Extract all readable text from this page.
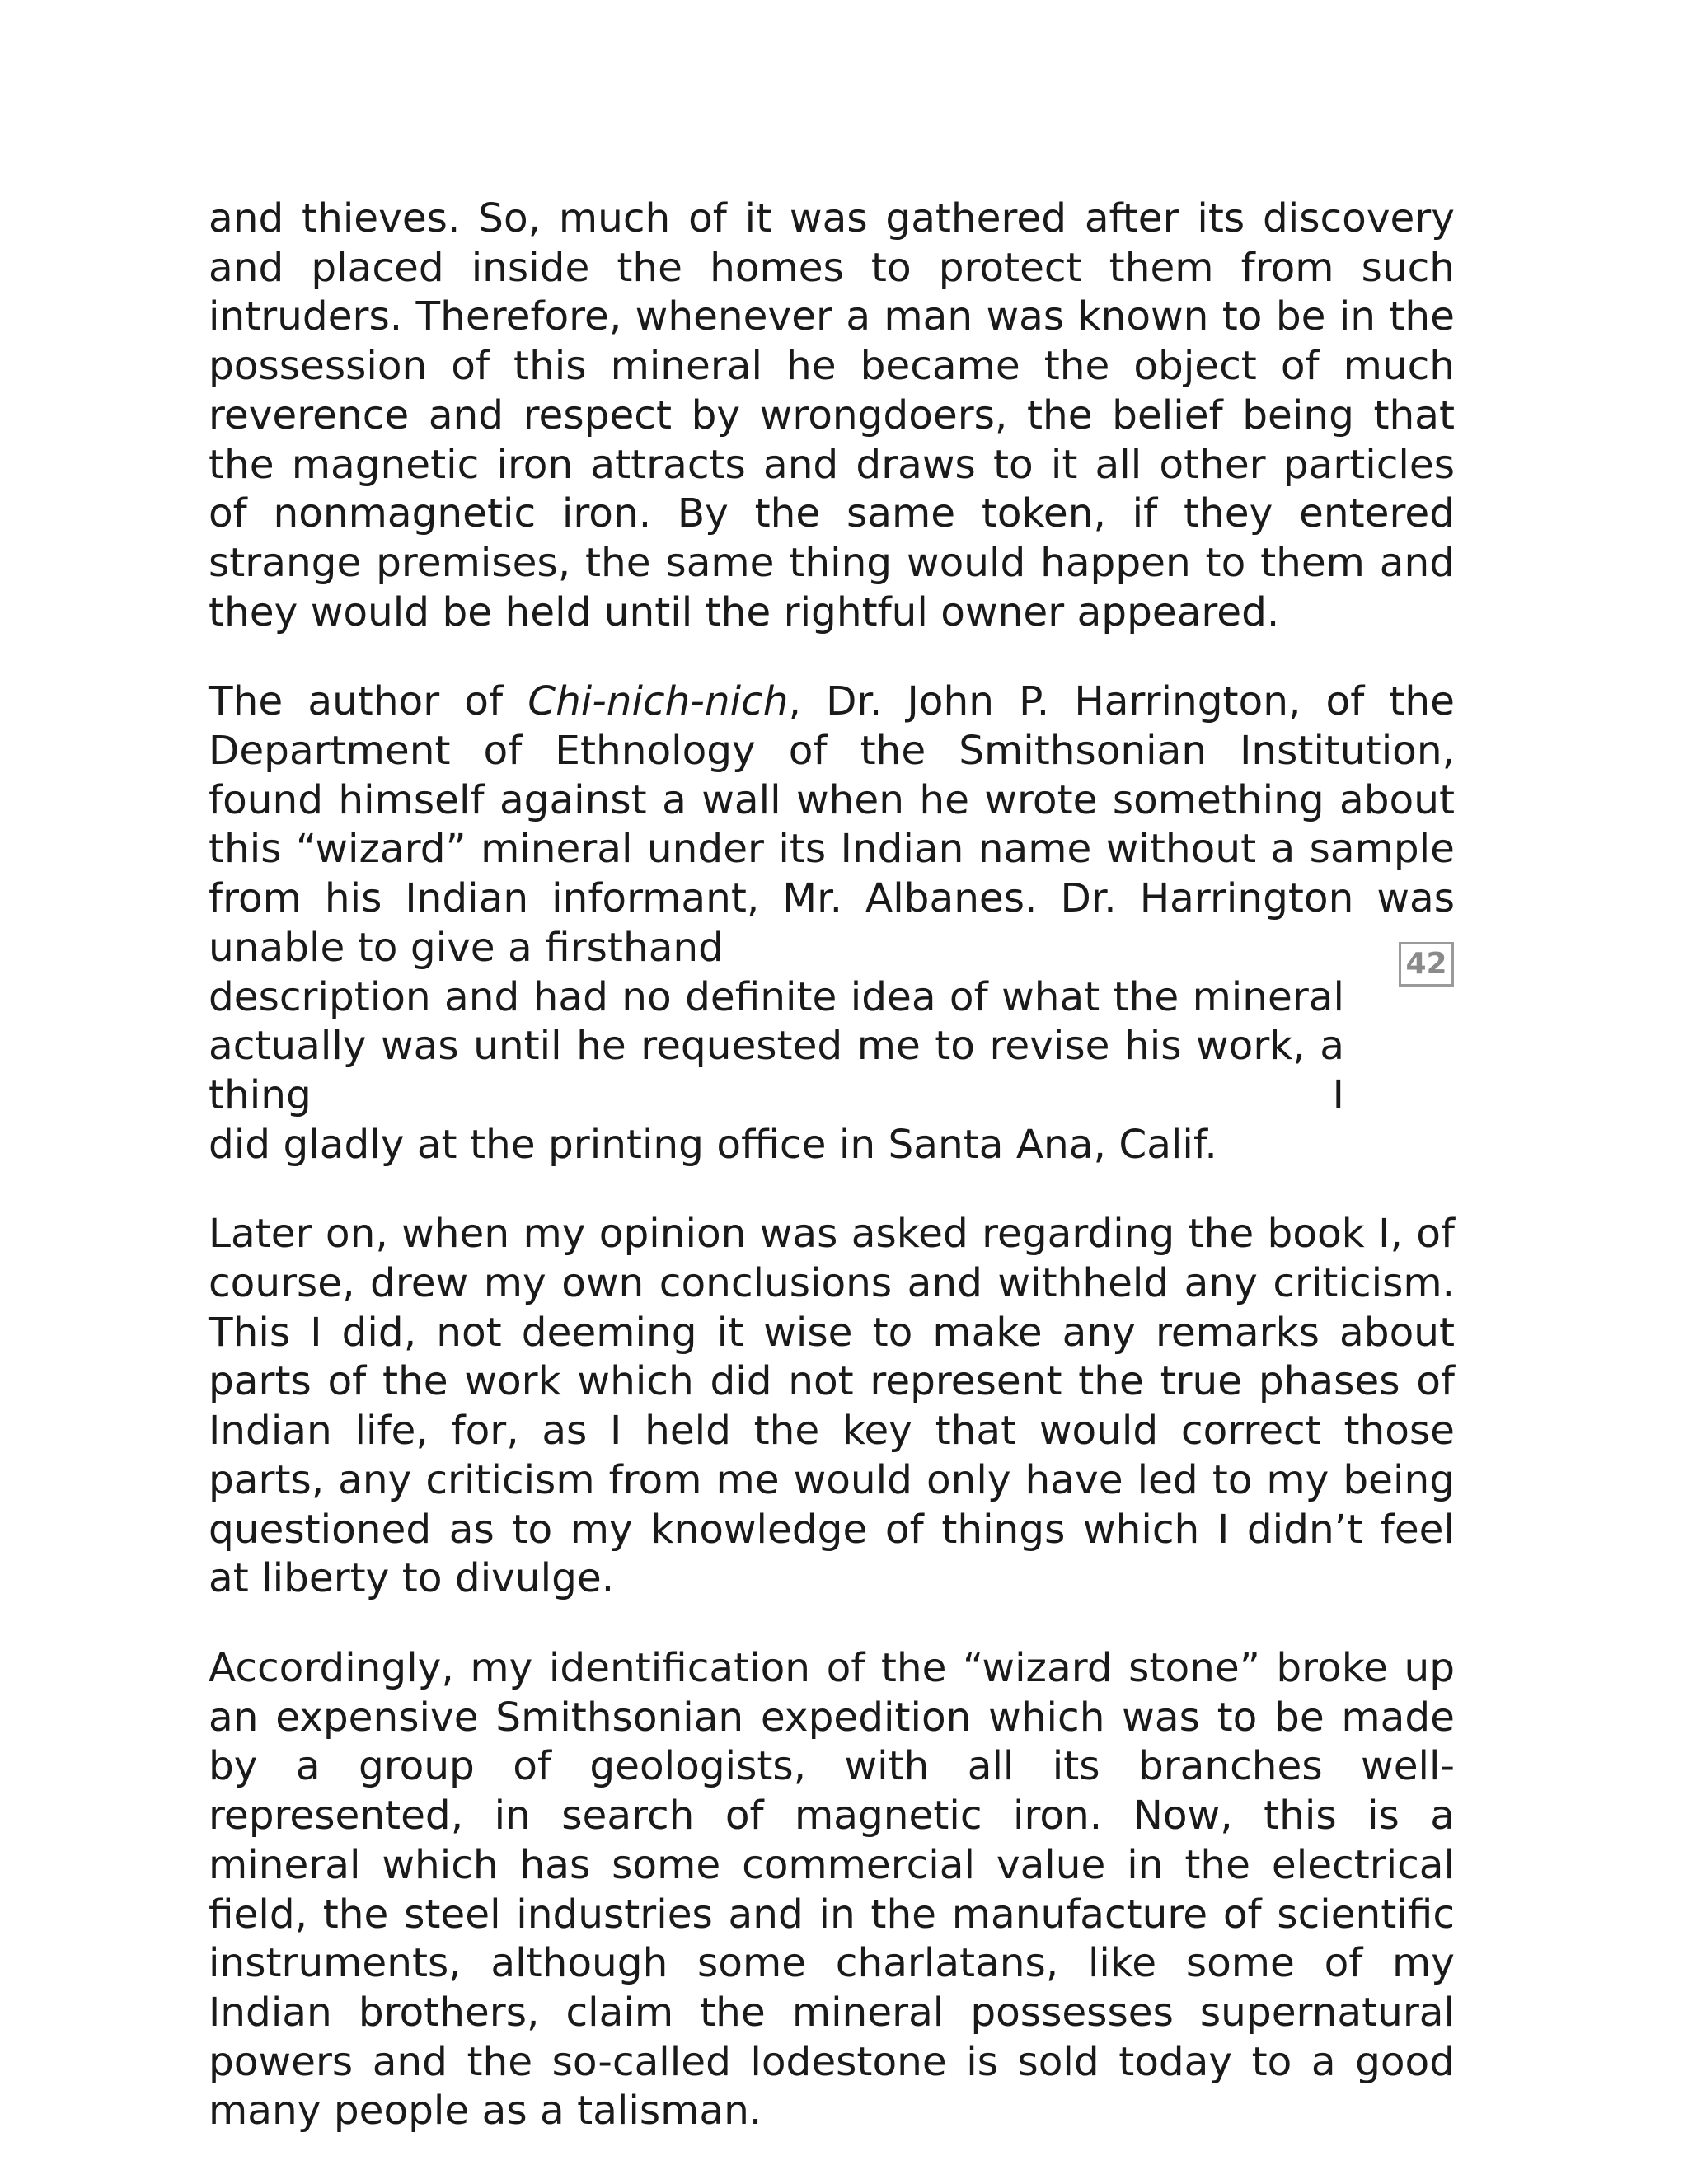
and thieves. So, much of it was gathered after its discovery and placed inside the homes to protect them from such intruders. Therefore, whenever a man was known to be in the possession of this mineral he became the object of much reverence and respect by wrongdoers, the belief being that the magnetic iron attracts and draws to it all other particles of nonmagnetic iron. By the same token, if they entered strange premises, the same thing would happen to them and they would be held until the rightful owner appeared.

The author of Chi-nich-nich, Dr. John P. Harrington, of the Department of Ethnology of the Smithsonian Institution, found himself against a wall when he wrote something about this “wizard” mineral under its Indian name without a sample from his Indian informant, Mr. Albanes. Dr. Harrington was unable to give a firsthand
description and had no definite idea of what the mineral
actually was until he requested me to revise his work, a thing I
did gladly at the printing office in Santa Ana, Calif.

Later on, when my opinion was asked regarding the book I, of course, drew my own conclusions and withheld any criticism. This I did, not deeming it wise to make any remarks about parts of the work which did not represent the true phases of Indian life, for, as I held the key that would correct those parts, any criticism from me would only have led to my being questioned as to my knowledge of things which I didn’t feel at liberty to divulge.

Accordingly, my identification of the “wizard stone” broke up an expensive Smithsonian expedition which was to be made by a group of geologists, with all its branches well-represented, in search of magnetic iron. Now, this is a mineral which has some commercial value in the electrical field, the steel industries and in the manufacture of scientific instruments, although some charlatans, like some of my Indian brothers, claim the mineral possesses supernatural powers and the so-called lodestone is sold today to a good many people as a talisman.

42
